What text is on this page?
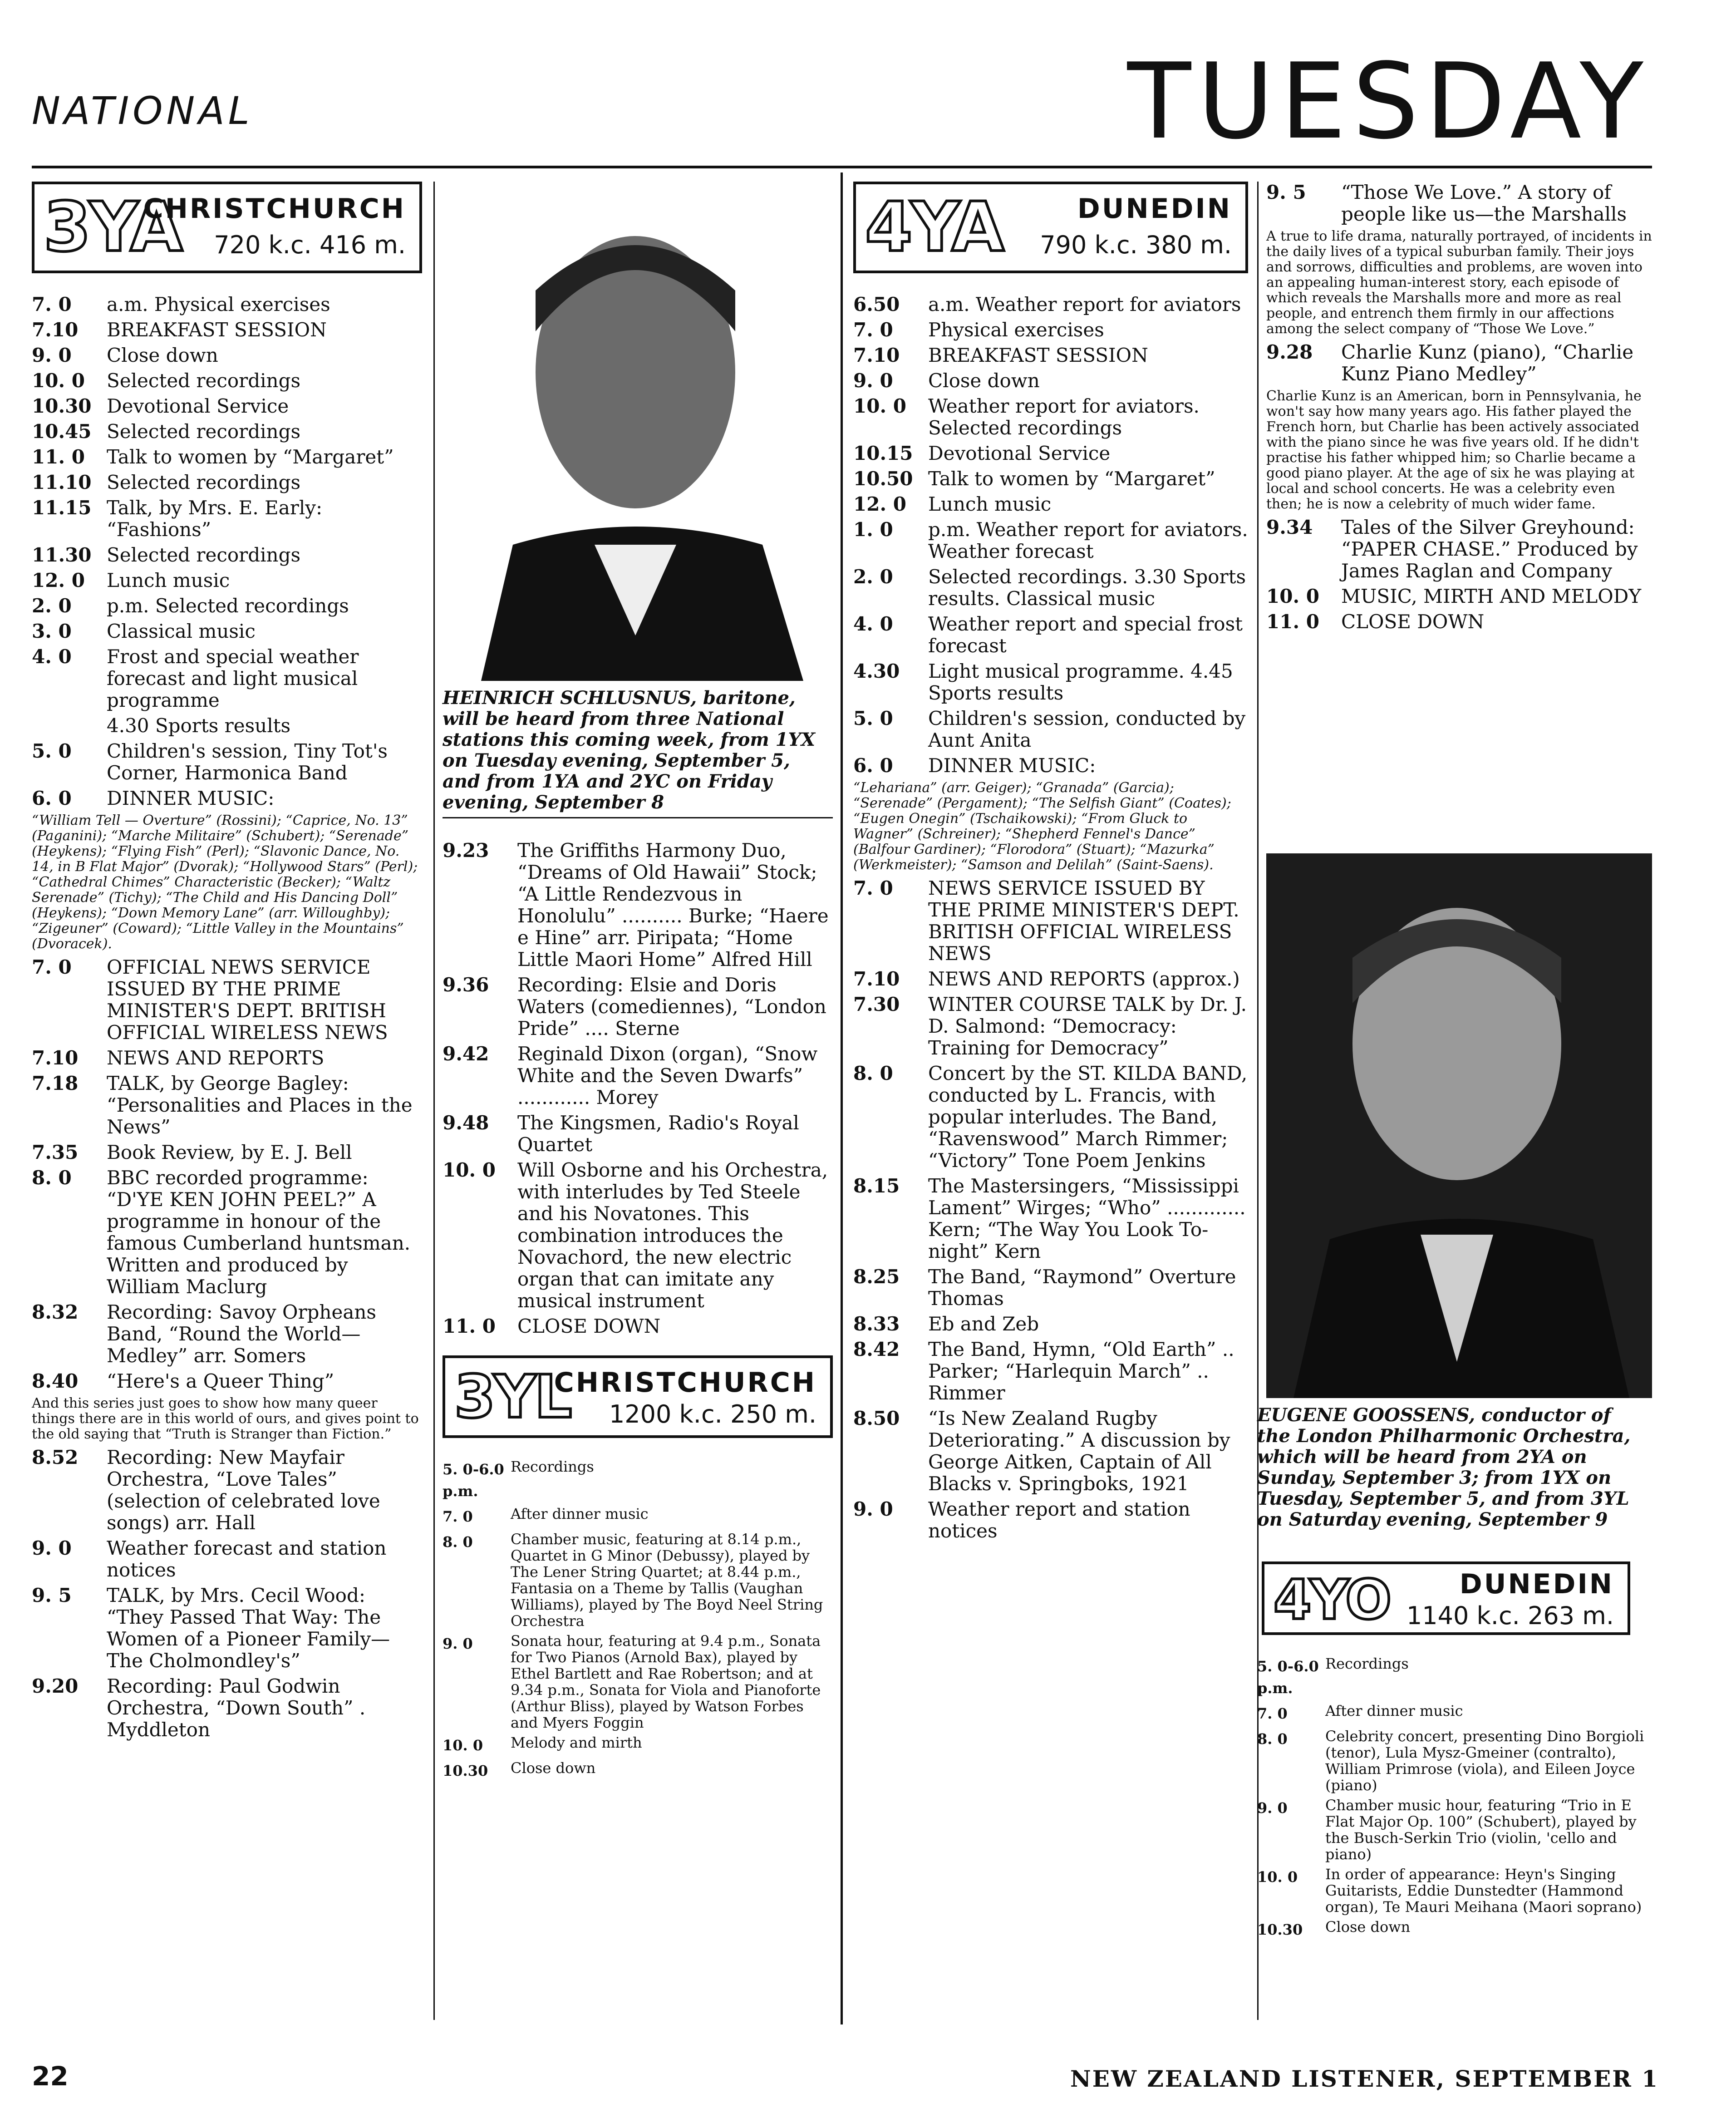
NATIONAL	TUESDAY
3YA
CHRISTCHURCH
720 k.c. 416 m.
7. 0	a.m. Physical exercises
7.10	BREAKFAST SESSION
9. 0	Close down
10. 0	Selected recordings
10.30 Devotional Service
10.45 Selected recordings
11. 0	Talk to women by “Margaret”
11.10 Selected recordings
11.15 Talk, by Mrs. E. Early: “Fashions”
11.30 Selected recordings
12. 0	Lunch music
2. 0	p.m. Selected recordings
3. 0	Classical music
4. 0	Frost and special weather forecast and light musical programme
4.30 Sports results
5. 0	Children's session, Tiny Tot's Corner, Harmonica Band
6. 0	DINNER MUSIC:
“William Tell — Overture” (Rossini); “Caprice, No. 13” (Paganini); “Marche Militaire” (Schubert); “Serenade” (Heykens); “Flying Fish” (Perl); “Slavonic Dance, No. 14, in B Flat Major” (Dvorak); “Hollywood Stars” (Perl); “Cathedral Chimes” Characteristic (Becker); “Waltz Serenade” (Tichy); “The Child and His Dancing Doll” (Heykens); “Down Memory Lane” (arr. Willoughby); “Zigeuner” (Coward); “Little Valley in the Mountains” (Dvoracek).
7. 0	OFFICIAL NEWS SERVICE ISSUED BY THE PRIME MINISTER'S DEPT. BRITISH OFFICIAL WIRELESS NEWS
7.10	NEWS AND REPORTS
7.18	TALK, by George Bagley: “Personalities and Places in the News”
7.35	Book Review, by E. J. Bell
8. 0	BBC recorded programme: “D'YE KEN JOHN PEEL?” A programme in honour of the famous Cumberland huntsman. Written and produced by William Maclurg
8.32	Recording: Savoy Orpheans Band, “Round the World—Medley” arr. Somers
8.40	“Here's a Queer Thing”
And this series just goes to show how many queer things there are in this world of ours, and gives point to the old saying that “Truth is Stranger than Fiction.”
8.52	Recording: New Mayfair Orchestra, “Love Tales” (selection of celebrated love songs) arr. Hall
9. 0	Weather forecast and station notices
9. 5	TALK, by Mrs. Cecil Wood: “They Passed That Way: The Women of a Pioneer Family—The Cholmondley's”
9.20	Recording: Paul Godwin Orchestra, “Down South” . Myddleton
HEINRICH SCHLUSNUS, baritone, will be heard from three National stations this coming week, from 1YX on Tuesday evening, September 5, and from 1YA and 2YC on Friday evening, September 8
9.23	The Griffiths Harmony Duo, “Dreams of Old Hawaii” Stock; “A Little Rendezvous in Honolulu” .......... Burke; “Haere e Hine” arr. Piripata; “Home Little Maori Home” Alfred Hill
9.36	Recording: Elsie and Doris Waters (comediennes), “London Pride” .... Sterne
9.42	Reginald Dixon (organ), “Snow White and the Seven Dwarfs” ............ Morey
9.48	The Kingsmen, Radio's Royal Quartet
10. 0	Will Osborne and his Orchestra, with interludes by Ted Steele and his Novatones. This combination introduces the Novachord, the new electric organ that can imitate any musical instrument
11. 0	CLOSE DOWN
3YL
CHRISTCHURCH
1200 k.c. 250 m.
5. 0-6.0 p.m.
Recordings
7. 0	After dinner music
8. 0	Chamber music, featuring at 8.14 p.m., Quartet in G Minor (Debussy), played by The Lener String Quartet; at 8.44 p.m., Fantasia on a Theme by Tallis (Vaughan Williams), played by The Boyd Neel String Orchestra
9. 0	Sonata hour, featuring at 9.4 p.m., Sonata for Two Pianos (Arnold Bax), played by Ethel Bartlett and Rae Robertson; and at 9.34 p.m., Sonata for Viola and Pianoforte (Arthur Bliss), played by Watson Forbes and Myers Foggin
10. 0	Melody and mirth
10.30	Close down
4YA	DUNEDIN
790 k.c. 380 m.
6.50	a.m. Weather report for aviators
7. 0	Physical exercises
7.10	BREAKFAST SESSION
9. 0	Close down
10. 0	Weather report for aviators. Selected recordings
10.15 Devotional Service
10.50 Talk to women by “Margaret”
12. 0	Lunch music
1. 0	p.m. Weather report for aviators. Weather forecast
2. 0	Selected recordings. 3.30 Sports results. Classical music
4. 0	Weather report and special frost forecast
4.30	Light musical programme. 4.45 Sports results
5. 0	Children's session, conducted by Aunt Anita
6. 0	DINNER MUSIC:
“Lehariana” (arr. Geiger); “Granada” (Garcia); “Serenade” (Pergament); “The Selfish Giant” (Coates); “Eugen Onegin” (Tschaikowski); “From Gluck to Wagner” (Schreiner); “Shepherd Fennel's Dance” (Balfour Gardiner); “Florodora” (Stuart); “Mazurka” (Werkmeister); “Samson and Delilah” (Saint-Saens).
7. 0	NEWS SERVICE ISSUED BY THE PRIME MINISTER'S DEPT. BRITISH OFFICIAL WIRELESS NEWS
7.10	NEWS AND REPORTS (approx.)
7.30	WINTER COURSE TALK by Dr. J. D. Salmond: “Democracy: Training for Democracy”
8. 0	Concert by the ST. KILDA BAND, conducted by L. Francis, with popular interludes. The Band, “Ravenswood” March Rimmer; “Victory” Tone Poem Jenkins
8.15	The Mastersingers, “Mississippi Lament” Wirges; “Who” ............. Kern; “The Way You Look To-night” Kern
8.25	The Band, “Raymond” Overture Thomas
8.33	Eb and Zeb
8.42	The Band, Hymn, “Old Earth” .. Parker; “Harlequin March” .. Rimmer
8.50	“Is New Zealand Rugby Deteriorating.” A discussion by George Aitken, Captain of All Blacks v. Springboks, 1921
9. 0	Weather report and station notices
9. 5	“Those We Love.” A story of people like us—the Marshalls
A true to life drama, naturally portrayed, of incidents in the daily lives of a typical suburban family. Their joys and sorrows, difficulties and problems, are woven into an appealing human-interest story, each episode of which reveals the Marshalls more and more as real people, and entrench them firmly in our affections among the select company of “Those We Love.”
9.28	Charlie Kunz (piano), “Charlie Kunz Piano Medley”
Charlie Kunz is an American, born in Pennsylvania, he won't say how many years ago. His father played the French horn, but Charlie has been actively associated with the piano since he was five years old. If he didn't practise his father whipped him; so Charlie became a good piano player. At the age of six he was playing at local and school concerts. He was a celebrity even then; he is now a celebrity of much wider fame.
9.34	Tales of the Silver Greyhound: “PAPER CHASE.” Produced by James Raglan and Company
10. 0	MUSIC, MIRTH AND MELODY
11. 0	CLOSE DOWN
EUGENE GOOSSENS, conductor of the London Philharmonic Orchestra, which will be heard from 2YA on Sunday, September 3; from 1YX on Tuesday, September 5, and from 3YL on Saturday evening, September 9
4YO	DUNEDIN
1140 k.c. 263 m.
5. 0-6.0 p.m.
Recordings
7. 0	After dinner music
8. 0	Celebrity concert, presenting Dino Borgioli (tenor), Lula Mysz-Gmeiner (contralto), William Primrose (viola), and Eileen Joyce (piano)
9. 0	Chamber music hour, featuring “Trio in E Flat Major Op. 100” (Schubert), played by the Busch-Serkin Trio (violin, 'cello and piano)
10. 0	In order of appearance: Heyn's Singing Guitarists, Eddie Dunstedter (Hammond organ), Te Mauri Meihana (Maori soprano)
10.30	Close down
22	NEW ZEALAND LISTENER, SEPTEMBER 1
